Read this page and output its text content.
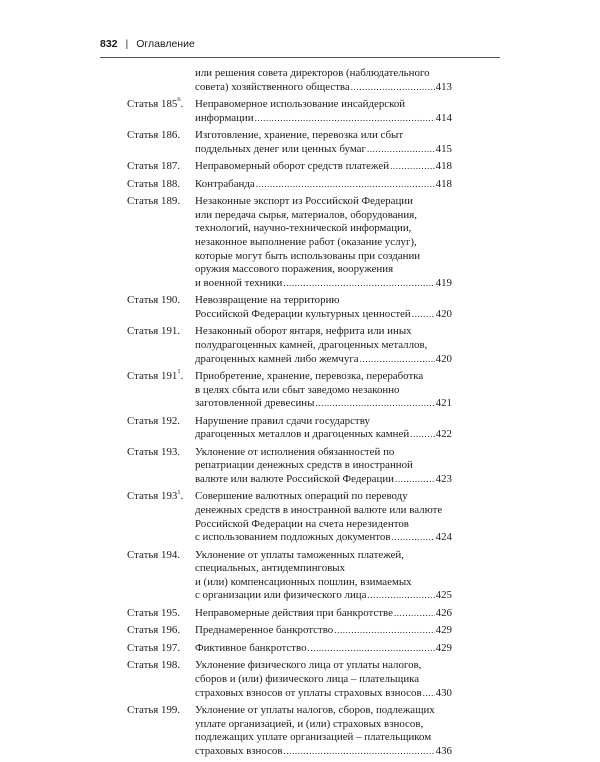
832 | Оглавление
или решения совета директоров (наблюдательного
совета) хозяйственного общества .....	413
Статья $185^6$.	Неправомерное использование инсайдерской
информации .....	414
Статья 186.	Изготовление, хранение, перевозка или сбыт
поддельных денег или ценных бумаг .....	415
Статья 187.	Неправомерный оборот средств платежей .....	418
Статья 188.	Контрабанда .....	418
Статья 189.	Незаконные экспорт из Российской Федерации
или передача сырья, материалов, оборудования,
технологий, научно-технической информации,
незаконное выполнение работ (оказание услуг),
которые могут быть использованы при создании
оружия массового поражения, вооружения
и военной техники .....	419
Статья 190.	Невозвращение на территорию
Российской Федерации культурных ценностей ..... 420
Статья 191.	Незаконный оборот янтаря, нефрита или иных
полудрагоценных камней, драгоценных металлов,
драгоценных камней либо жемчуга .....	420
Статья $191^1$.	Приобретение, хранение, перевозка, переработка
в целях сбыта или сбыт заведомо незаконно
заготовленной древесины .....	421
Статья 192.	Нарушение правил сдачи государству
драгоценных металлов и драгоценных камней ..... 422
Статья 193.	Уклонение от исполнения обязанностей по
репатриации денежных средств в иностранной
валюте или валюте Российской Федерации .....	423
Статья $193^1$.	Совершение валютных операций по переводу
денежных средств в иностранной валюте или валюте
Российской Федерации на счета нерезидентов
с использованием подложных документов .....	424
Статья 194.	Уклонение от уплаты таможенных платежей,
специальных, антидемпинговых
и (или) компенсационных пошлин, взимаемых
с организации или физического лица .....	425
Статья 195.	Неправомерные действия при банкротстве .....	426
Статья 196.	Преднамеренное банкротство .....	429
Статья 197.	Фиктивное банкротство .....	429
Статья 198.	Уклонение физического лица от уплаты налогов,
сборов и (или) физического лица – плательщика
страховых взносов от уплаты страховых взносов ..... 430
Статья 199.	Уклонение от уплаты налогов, сборов, подлежащих
уплате организацией, и (или) страховых взносов,
подлежащих уплате организацией – плательщиком
страховых взносов .....	436
